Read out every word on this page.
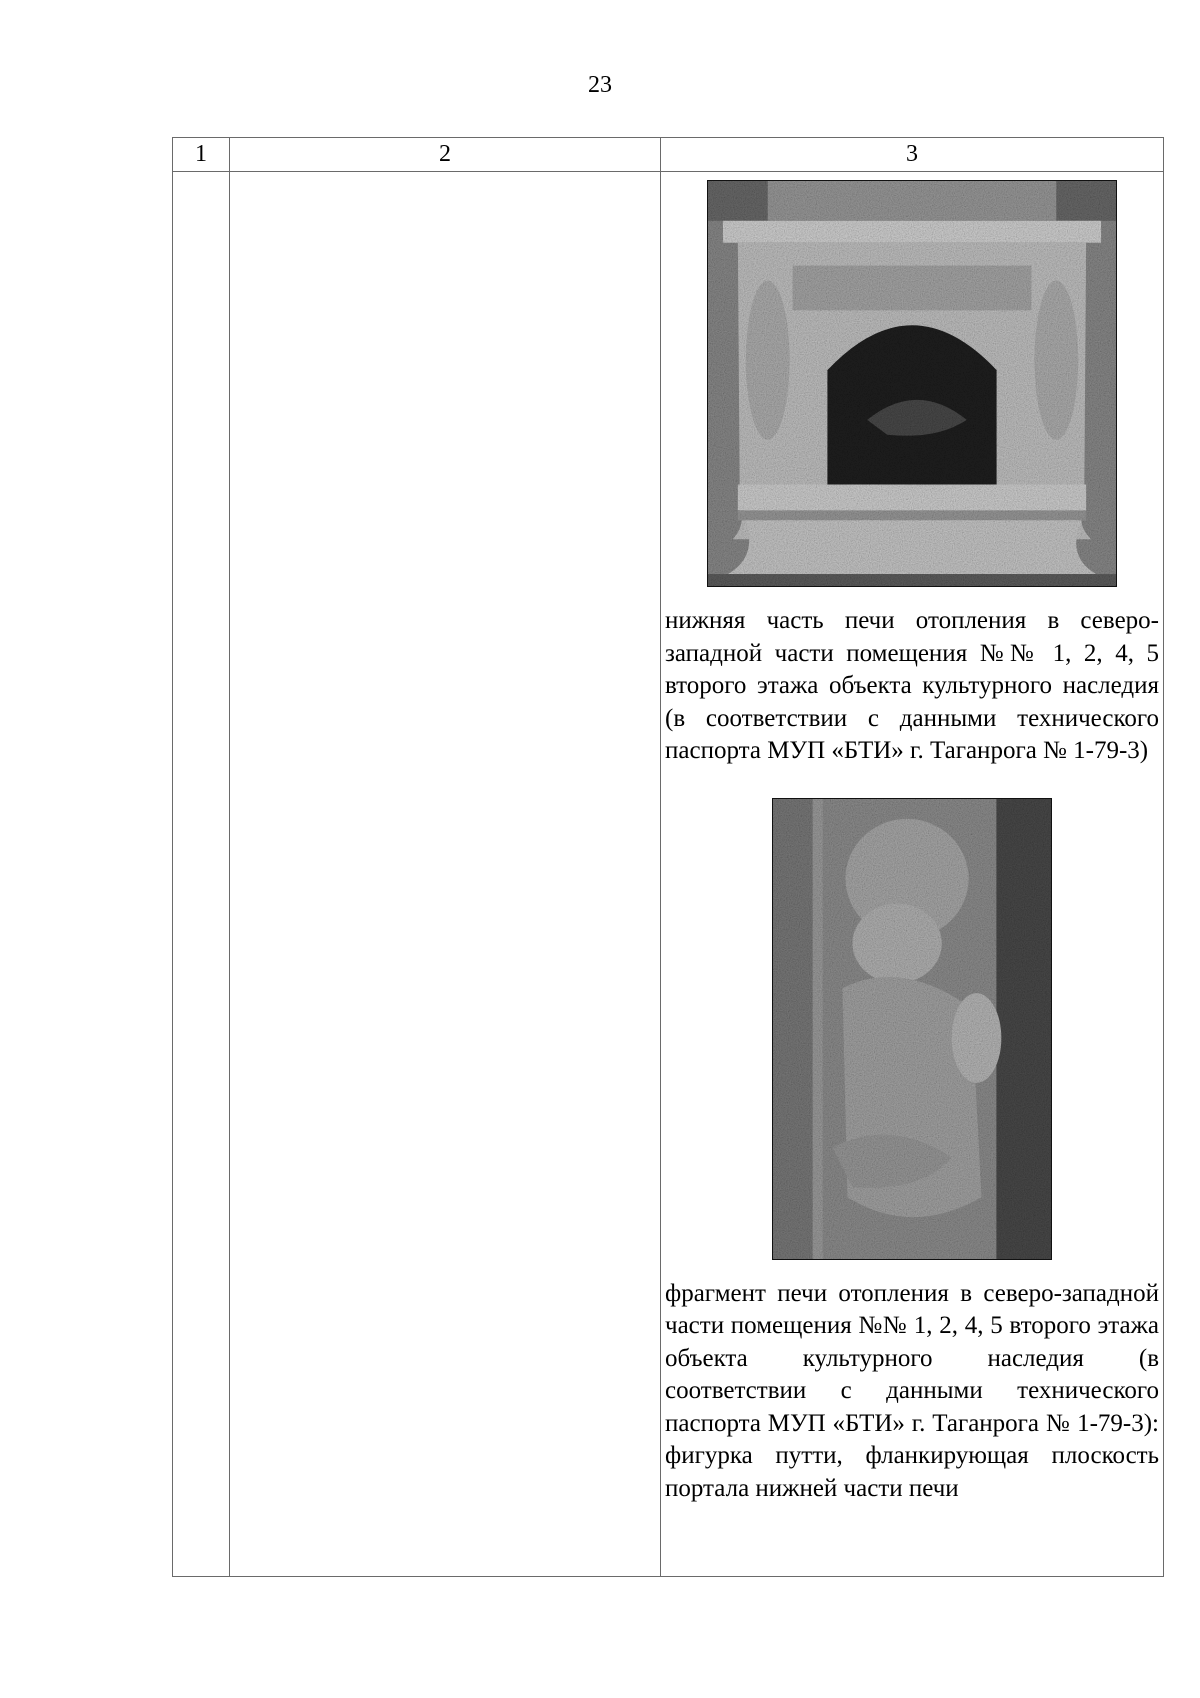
23
1	2	3

		нижняя часть печи отопления в северо-западной части помещения №№ 1, 2, 4, 5 второго этажа объекта культурного наследия (в соответствии с данными технического паспорта МУП «БТИ» г. Таганрога № 1-79-3)
фрагмент печи отопления в северо-западной части помещения №№ 1, 2, 4, 5 второго этажа объекта культурного наследия (в соответствии с данными технического паспорта МУП «БТИ» г. Таганрога № 1-79-3): фигурка путти, фланкирующая плоскость портала нижней части печи
